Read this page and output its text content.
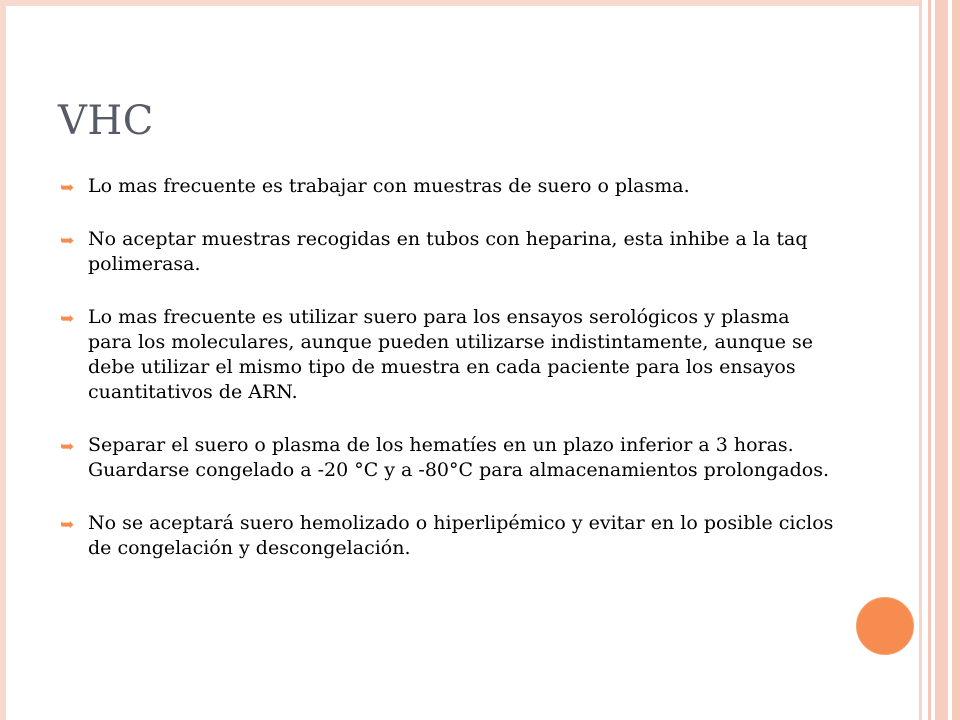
VHC
➥ Lo mas frecuente es trabajar con muestras de suero o plasma.
➥ No aceptar muestras recogidas en tubos con heparina, esta inhibe a la taq polimerasa.
➥ Lo mas frecuente es utilizar suero para los ensayos serológicos y plasma para los moleculares, aunque pueden utilizarse indistintamente, aunque se debe utilizar el mismo tipo de muestra en cada paciente para los ensayos cuantitativos de ARN.
➥ Separar el suero o plasma de los hematíes en un plazo inferior a 3 horas. Guardarse congelado a -20 °C y a -80°C para almacenamientos prolongados.
➥ No se aceptará suero hemolizado o hiperlipémico y evitar en lo posible ciclos de congelación y descongelación.
